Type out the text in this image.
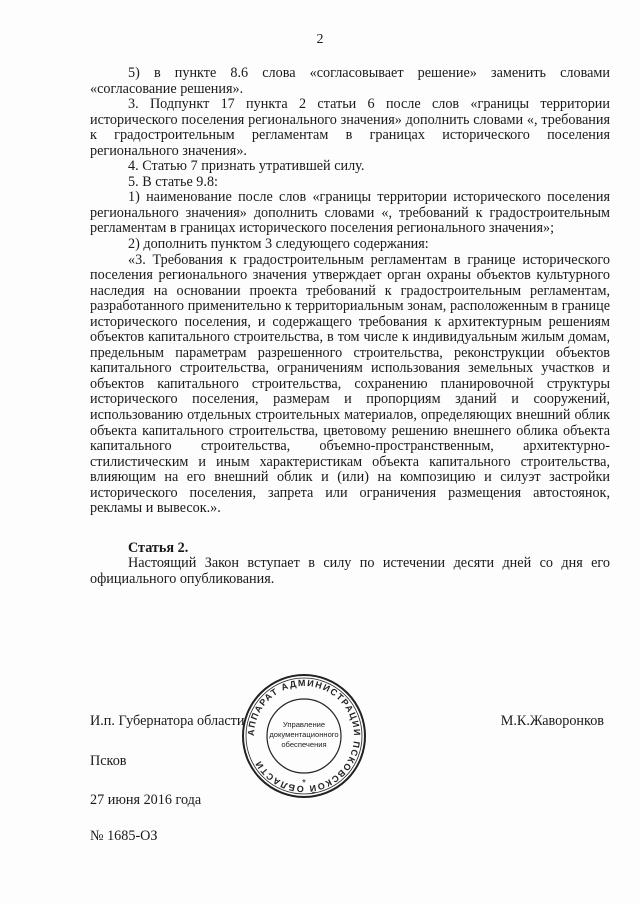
2

5) в пункте 8.6 слова «согласовывает решение» заменить словами «согласование решения».

3. Подпункт 17 пункта 2 статьи 6 после слов «границы территории исторического поселения регионального значения» дополнить словами «, требования к градостроительным регламентам в границах исторического поселения регионального значения».

4. Статью 7 признать утратившей силу.

5. В статье 9.8:

1) наименование после слов «границы территории исторического поселения регионального значения» дополнить словами «, требований к градостроительным регламентам в границах исторического поселения регионального значения»;

2) дополнить пунктом 3 следующего содержания:

«3. Требования к градостроительным регламентам в границе исторического поселения регионального значения утверждает орган охраны объектов культурного наследия на основании проекта требований к градостроительным регламентам, разработанного применительно к территориальным зонам, расположенным в границе исторического поселения, и содержащего требования к архитектурным решениям объектов капитального строительства, в том числе к индивидуальным жилым домам, предельным параметрам разрешенного строительства, реконструкции объектов капитального строительства, ограничениям использования земельных участков и объектов капитального строительства, сохранению планировочной структуры исторического поселения, размерам и пропорциям зданий и сооружений, использованию отдельных строительных материалов, определяющих внешний облик объекта капитального строительства, цветовому решению внешнего облика объекта капитального строительства, объемно-пространственным, архитектурно-стилистическим и иным характеристикам объекта капитального строительства, влияющим на его внешний облик и (или) на композицию и силуэт застройки исторического поселения, запрета или ограничения размещения автостоянок, рекламы и вывесок.».

Статья 2.

Настоящий Закон вступает в силу по истечении десяти дней со дня его официального опубликования.

И.п. Губернатора области	М.К.Жаворонков
Псков
27 июня 2016 года
№ 1685-ОЗ
АППАРАТ АДМИНИСТРАЦИИ ПСКОВСКОЙ ОБЛАСТИ
Управление
документационного
обеспечения
*
